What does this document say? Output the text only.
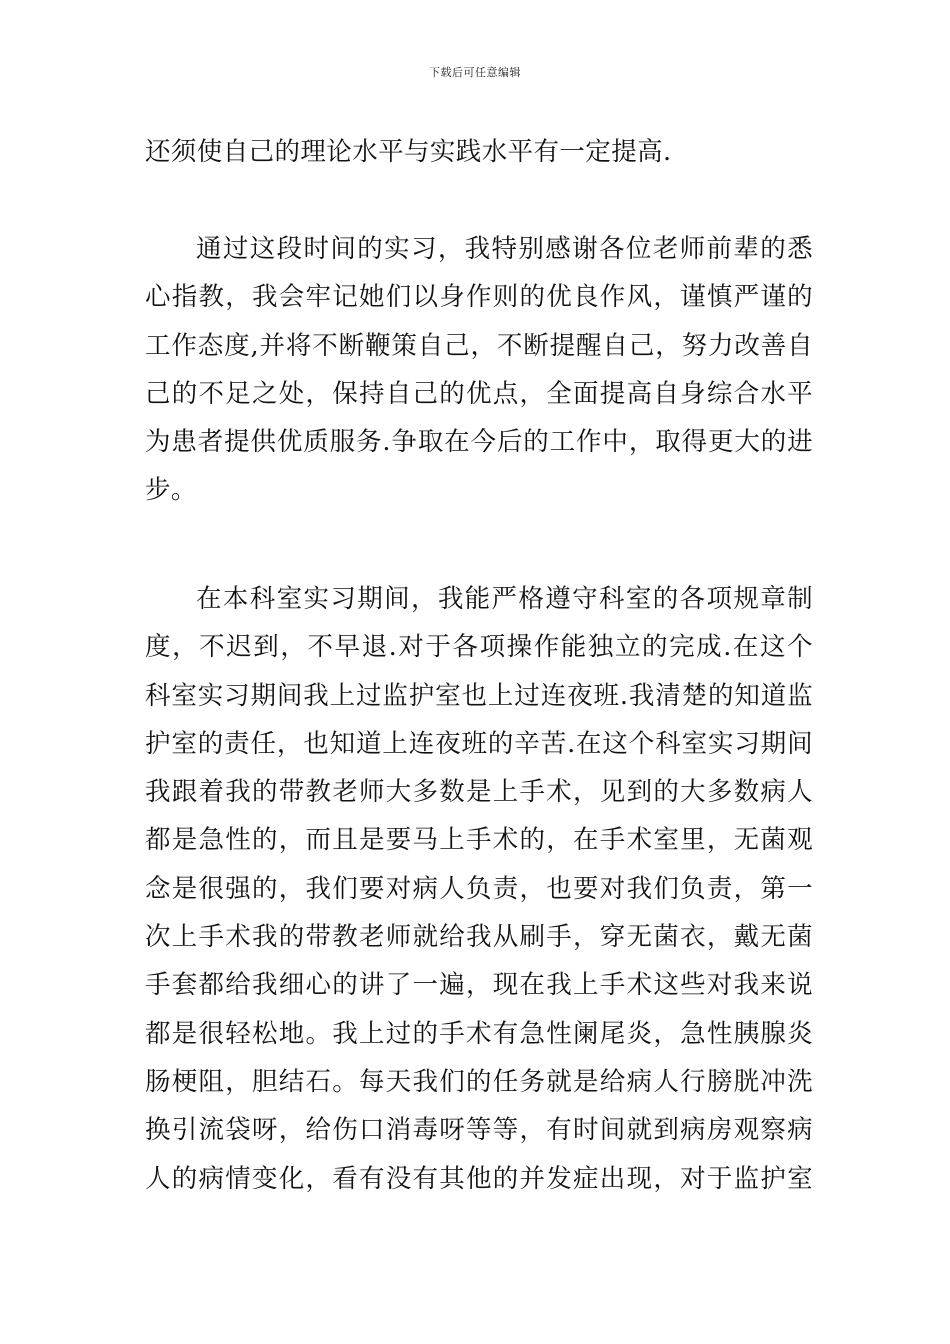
下载后可任意编辑
还须使自己的理论水平与实践水平有一定提高.
通过这段时间的实习，我特别感谢各位老师前辈的悉
心指教，我会牢记她们以身作则的优良作风，谨慎严谨的
工作态度,并将不断鞭策自己，不断提醒自己，努力改善自
己的不足之处，保持自己的优点，全面提高自身综合水平
为患者提供优质服务.争取在今后的工作中，取得更大的进
步。
在本科室实习期间，我能严格遵守科室的各项规章制
度，不迟到，不早退.对于各项操作能独立的完成.在这个
科室实习期间我上过监护室也上过连夜班.我清楚的知道监
护室的责任，也知道上连夜班的辛苦.在这个科室实习期间
我跟着我的带教老师大多数是上手术，见到的大多数病人
都是急性的，而且是要马上手术的，在手术室里，无菌观
念是很强的，我们要对病人负责，也要对我们负责，第一
次上手术我的带教老师就给我从刷手，穿无菌衣，戴无菌
手套都给我细心的讲了一遍，现在我上手术这些对我来说
都是很轻松地。我上过的手术有急性阑尾炎，急性胰腺炎
肠梗阻，胆结石。每天我们的任务就是给病人行膀胱冲洗
换引流袋呀，给伤口消毒呀等等，有时间就到病房观察病
人的病情变化，看有没有其他的并发症出现，对于监护室
